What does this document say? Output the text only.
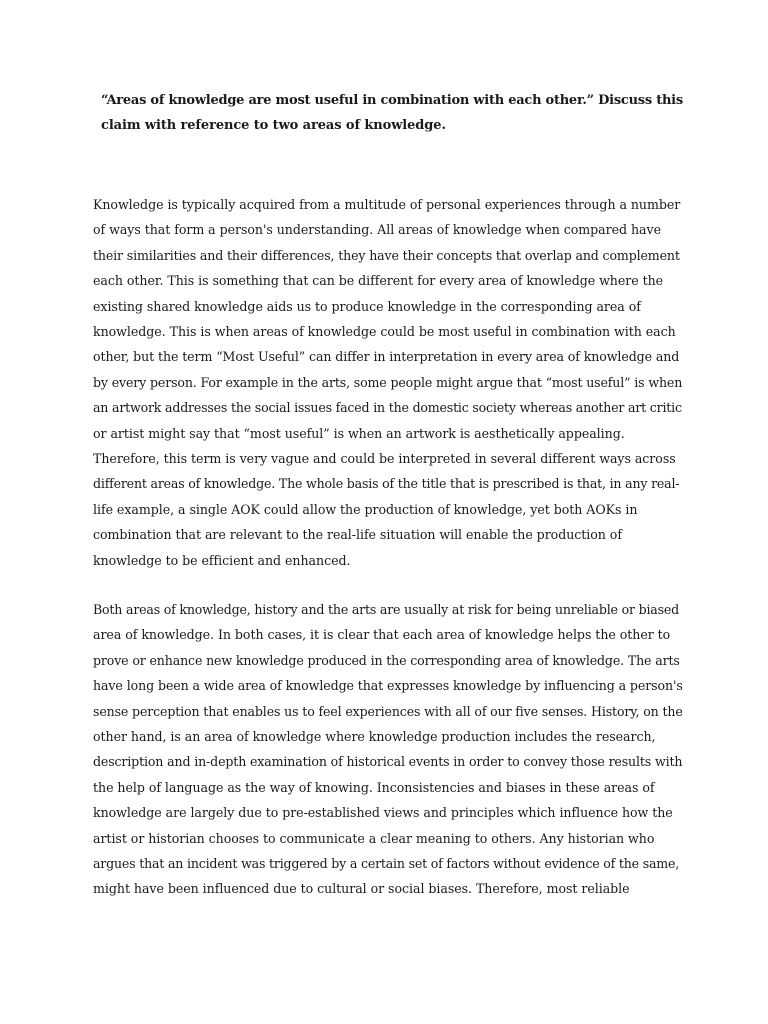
“Areas of knowledge are most useful in combination with each other.” Discuss this
claim with reference to two areas of knowledge.

Knowledge is typically acquired from a multitude of personal experiences through a number
of ways that form a person's understanding. All areas of knowledge when compared have
their similarities and their differences, they have their concepts that overlap and complement
each other. This is something that can be different for every area of knowledge where the
existing shared knowledge aids us to produce knowledge in the corresponding area of
knowledge. This is when areas of knowledge could be most useful in combination with each
other, but the term “Most Useful” can differ in interpretation in every area of knowledge and
by every person. For example in the arts, some people might argue that “most useful” is when
an artwork addresses the social issues faced in the domestic society whereas another art critic
or artist might say that “most useful” is when an artwork is aesthetically appealing.
Therefore, this term is very vague and could be interpreted in several different ways across
different areas of knowledge. The whole basis of the title that is prescribed is that, in any real-
life example, a single AOK could allow the production of knowledge, yet both AOKs in
combination that are relevant to the real-life situation will enable the production of
knowledge to be efficient and enhanced.

Both areas of knowledge, history and the arts are usually at risk for being unreliable or biased
area of knowledge. In both cases, it is clear that each area of knowledge helps the other to
prove or enhance new knowledge produced in the corresponding area of knowledge. The arts
have long been a wide area of knowledge that expresses knowledge by influencing a person's
sense perception that enables us to feel experiences with all of our five senses. History, on the
other hand, is an area of knowledge where knowledge production includes the research,
description and in-depth examination of historical events in order to convey those results with
the help of language as the way of knowing. Inconsistencies and biases in these areas of
knowledge are largely due to pre-established views and principles which influence how the
artist or historian chooses to communicate a clear meaning to others. Any historian who
argues that an incident was triggered by a certain set of factors without evidence of the same,
might have been influenced due to cultural or social biases. Therefore, most reliable
